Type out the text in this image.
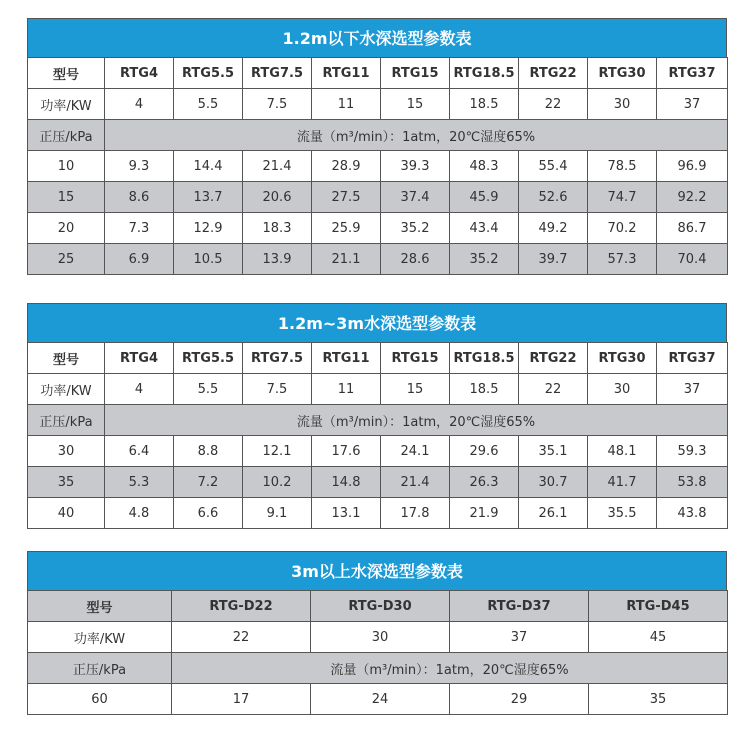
1.2m以下水深选型参数表
型号	RTG4	RTG5.5	RTG7.5	RTG11	RTG15	RTG18.5	RTG22	RTG30	RTG37
功率/KW	4	5.5	7.5	11	15	18.5	22	30	37
正压/kPa	流量（m³/min）：1atm，20℃湿度65%								
10	9.3	14.4	21.4	28.9	39.3	48.3	55.4	78.5	96.9
15	8.6	13.7	20.6	27.5	37.4	45.9	52.6	74.7	92.2
20	7.3	12.9	18.3	25.9	35.2	43.4	49.2	70.2	86.7
25	6.9	10.5	13.9	21.1	28.6	35.2	39.7	57.3	70.4
1.2m~3m水深选型参数表
型号	RTG4	RTG5.5	RTG7.5	RTG11	RTG15	RTG18.5	RTG22	RTG30	RTG37
功率/KW	4	5.5	7.5	11	15	18.5	22	30	37
正压/kPa	流量（m³/min）：1atm，20℃湿度65%								
30	6.4	8.8	12.1	17.6	24.1	29.6	35.1	48.1	59.3
35	5.3	7.2	10.2	14.8	21.4	26.3	30.7	41.7	53.8
40	4.8	6.6	9.1	13.1	17.8	21.9	26.1	35.5	43.8
3m以上水深选型参数表
型号	RTG-D22	RTG-D30	RTG-D37	RTG-D45
功率/KW	22	30	37	45
正压/kPa	流量（m³/min）：1atm，20℃湿度65%			
60	17	24	29	35
